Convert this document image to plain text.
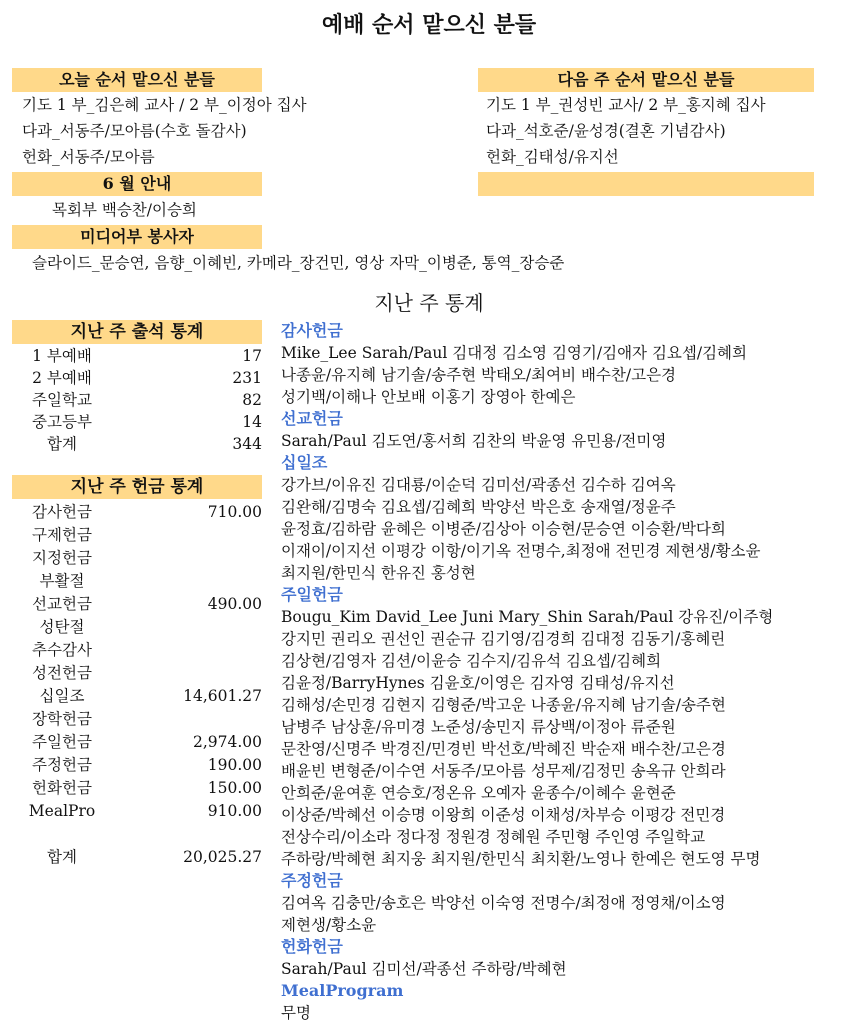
예배 순서 맡으신 분들
오늘 순서 맡으신 분들
기도 1 부_김은혜 교사 / 2 부_이정아 집사
다과_서동주/모아름(수호 돌감사)
헌화_서동주/모아름
다음 주 순서 맡으신 분들
기도 1 부_권성빈 교사/ 2 부_홍지혜 집사
다과_석호준/윤성경(결혼 기념감사)
헌화_김태성/유지선
6 월 안내
목회부 백승찬/이승희
미디어부 봉사자
슬라이드_문승연, 음향_이혜빈, 카메라_장건민, 영상 자막_이병준, 통역_장승준
지난 주 통계
지난 주 출석 통계
1 부예배	17
2 부예배	231
주일학교	82
중고등부	14
합계	344
지난 주 헌금 통계
감사헌금	710.00
구제헌금
지정헌금
부활절
선교헌금	490.00
성탄절
추수감사
성전헌금
십일조	14,601.27
장학헌금
주일헌금	2,974.00
주정헌금	190.00
헌화헌금	150.00
MealPro	910.00
합계	20,025.27
감사헌금
Mike_Lee Sarah/Paul 김대정 김소영 김영기/김애자 김요셉/김혜희
나종윤/유지혜 남기솔/송주현 박태오/최여비 배수찬/고은경
성기백/이해나 안보배 이홍기 장영아 한예은
선교헌금
Sarah/Paul 김도연/홍서희 김찬의 박윤영 유민용/전미영
십일조
강가브/이유진 김대룡/이순덕 김미선/곽종선 김수하 김여옥
김완해/김명숙 김요셉/김혜희 박양선 박은호 송재열/정윤주
윤정효/김하람 윤혜은 이병준/김상아 이승현/문승연 이승환/박다희
이재이/이지선 이평강 이항/이기옥 전명수,최정애 전민경 제현생/황소윤
최지원/한민식 한유진 홍성현
주일헌금
Bougu_Kim David_Lee Juni Mary_Shin Sarah/Paul 강유진/이주형
강지민 권리오 권선인 권순규 김기영/김경희 김대정 김동기/홍혜린
김상현/김영자 김션/이윤승 김수지/김유석 김요셉/김혜희
김윤정/BarryHynes 김윤호/이영은 김자영 김태성/유지선
김해성/손민경 김현지 김형준/박고운 나종윤/유지혜 남기솔/송주현
남병주 남상훈/유미경 노준성/송민지 류상백/이정아 류준원
문찬영/신명주 박경진/민경빈 박선호/박혜진 박순재 배수찬/고은경
배윤빈 변형준/이수연 서동주/모아름 성무제/김정민 송옥규 안희라
안희준/윤여훈 연승호/정온유 오예자 윤종수/이혜수 윤현준
이상준/박혜선 이승명 이왕희 이준성 이채성/차부승 이평강 전민경
전상수리/이소라 정다정 정원경 정혜원 주민형 주인영 주일학교
주하랑/박혜현 최지웅 최지원/한민식 최치환/노영나 한예은 현도영 무명
주정헌금
김여옥 김충만/송호은 박양선 이숙영 전명수/최정애 정영채/이소영
제현생/황소윤
헌화헌금
Sarah/Paul 김미선/곽종선 주하랑/박혜현
MealProgram
무명
